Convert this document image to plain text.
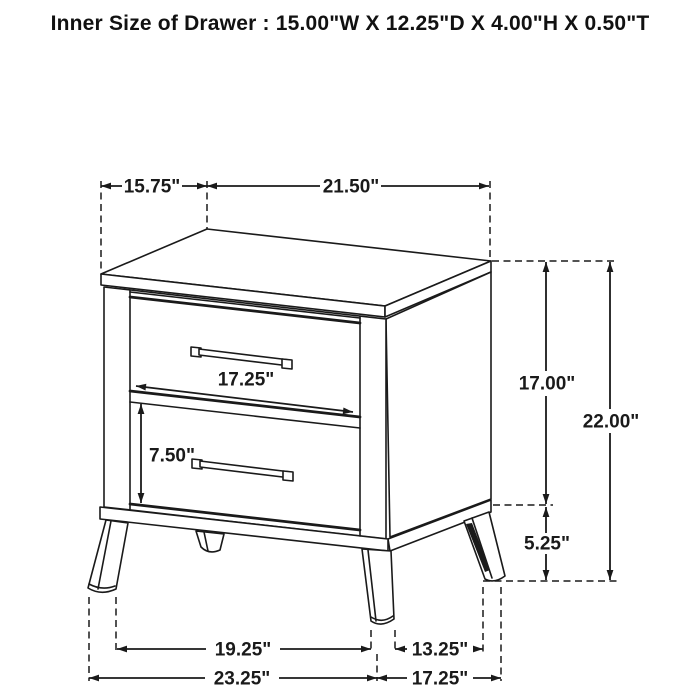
Inner Size of Drawer : 15.00"W X 12.25"D X 4.00"H X 0.50"T
15.75"	21.50"
17.25"
7.50"
17.00"
22.00"
5.25"
19.25"	13.25"
23.25"	17.25"
